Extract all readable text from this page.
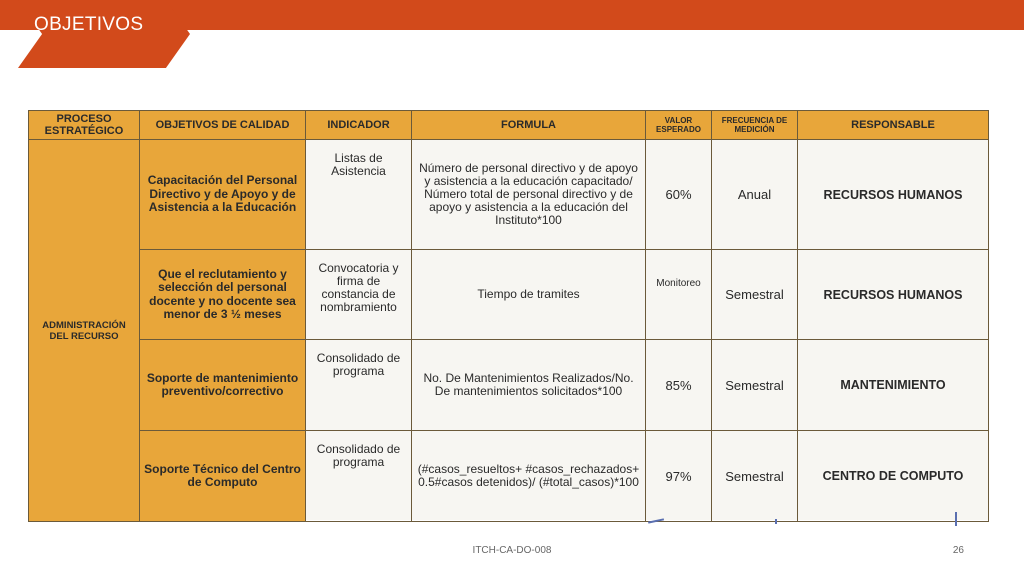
OBJETIVOS
PROCESO ESTRATÉGICO	OBJETIVOS DE CALIDAD	INDICADOR	FORMULA	VALOR ESPERADO	FRECUENCIA DE MEDICIÓN	RESPONSABLE
ADMINISTRACIÓN DEL RECURSO	Capacitación del Personal Directivo y de Apoyo y de Asistencia a la Educación	Listas de Asistencia	Número de personal directivo y de apoyo y asistencia a la educación capacitado/ Número total de personal directivo y de apoyo y asistencia a la educación del Instituto*100	60%	Anual	RECURSOS HUMANOS
	Que el reclutamiento y selección del personal docente y no docente sea menor de 3 ½ meses	Convocatoria y firma de constancia de nombramiento	Tiempo de tramites	Monitoreo	Semestral	RECURSOS HUMANOS
	Soporte de mantenimiento preventivo/correctivo	Consolidado de programa	No. De Mantenimientos Realizados/No. De mantenimientos solicitados*100	85%	Semestral	MANTENIMIENTO
	Soporte Técnico del Centro de Computo	Consolidado de programa	(#casos_resueltos+ #casos_rechazados+ 0.5#casos detenidos)/ (#total_casos)*100	97%	Semestral	CENTRO DE COMPUTO
ITCH-CA-DO-008	26
